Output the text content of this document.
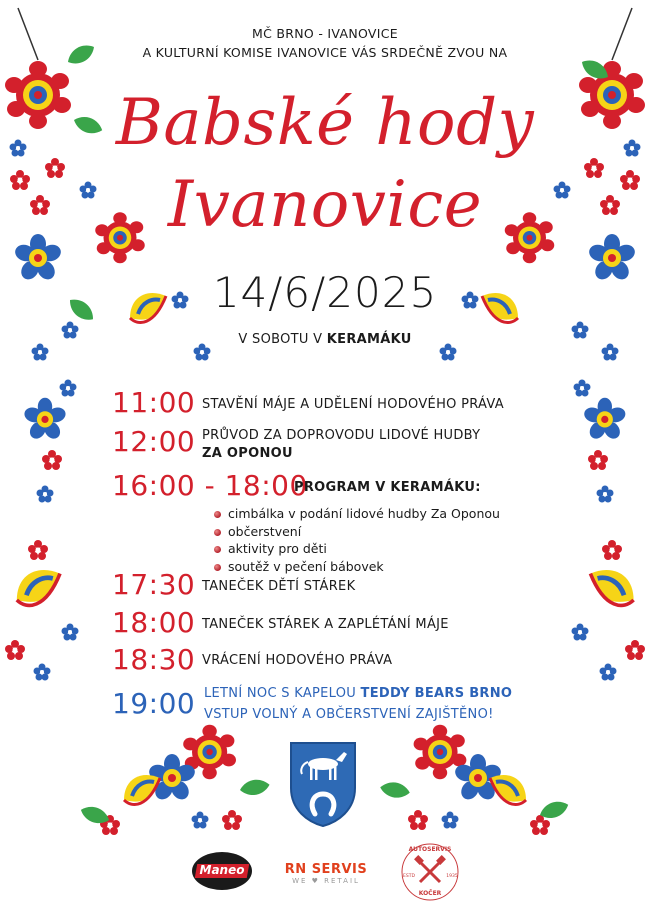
MČ BRNO - IVANOVICE
A KULTURNÍ KOMISE IVANOVICE VÁS SRDEČNĚ ZVOU NA
Babské hody
Ivanovice
14/6/2025
V SOBOTU V KERAMÁKU
11:00 STAVĚNÍ MÁJE A UDĚLENÍ HODOVÉHO PRÁVA
12:00 PRŮVOD ZA DOPROVODU LIDOVÉ HUDBY
ZA OPONOU
16:00 - 18:00
PROGRAM V KERAMÁKU:
cimbálka v podání lidové hudby Za Oponou
občerstvení
aktivity pro děti
soutěž v pečení bábovek
17:30 TANEČEK DĚTÍ STÁREK
18:00 TANEČEK STÁREK A ZAPLÉTÁNÍ MÁJE
18:30 VRÁCENÍ HODOVÉHO PRÁVA
19:00 LETNÍ NOC S KAPELOU TEDDY BEARS BRNO
VSTUP VOLNÝ A OBČERSTVENÍ ZAJIŠTĚNO!
Maneo	RN SERVIS
WE ♥ RETAIL
AUTOSERVIS
ESTD	1935
KOČER
